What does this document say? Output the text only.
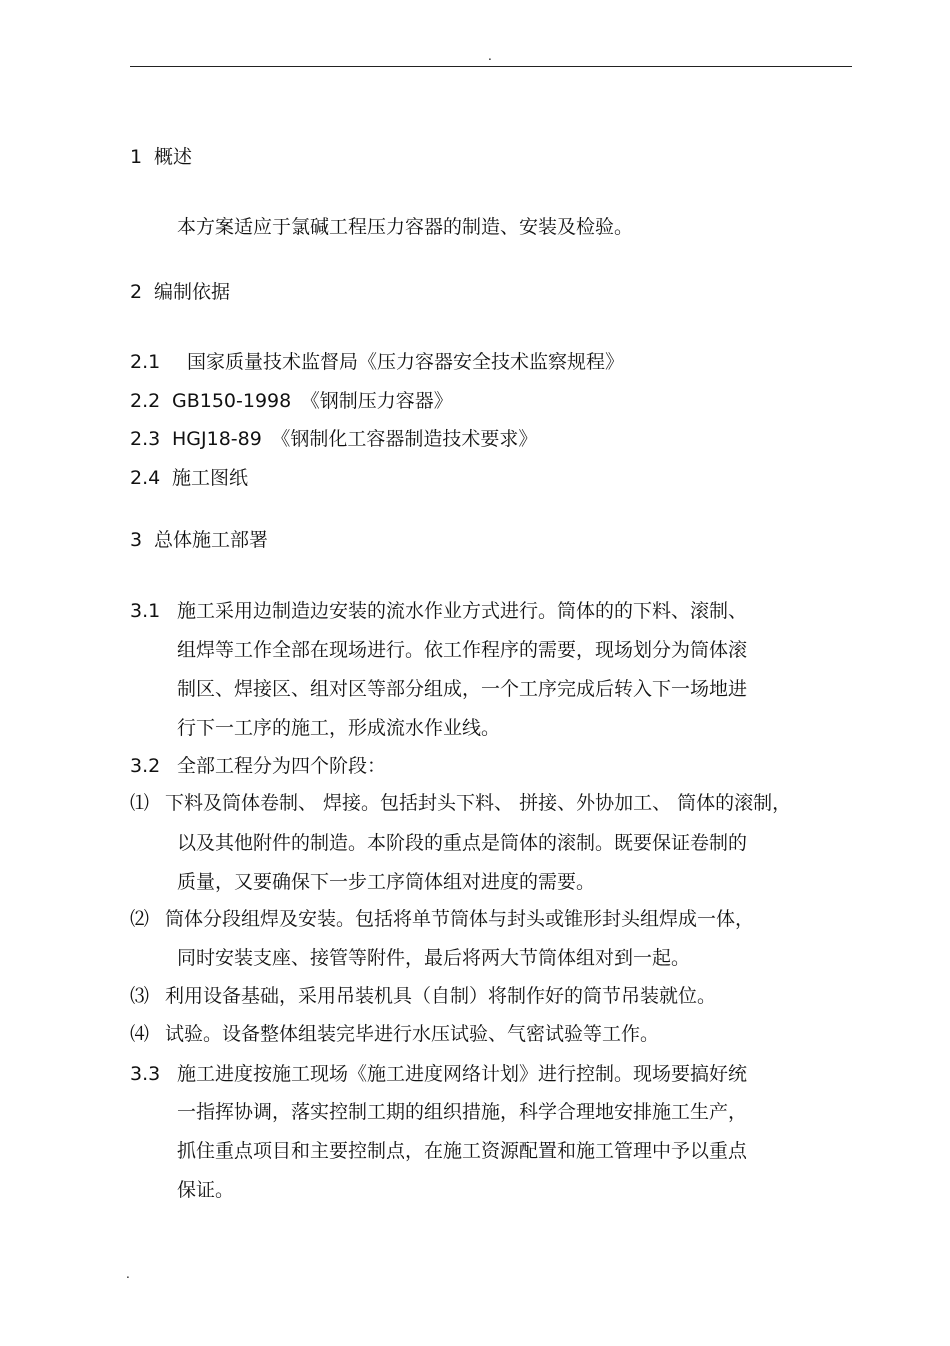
.
1 概述
本方案适应于氯碱工程压力容器的制造、安装及检验。
2 编制依据
2.1 国家质量技术监督局《压力容器安全技术监察规程》
2.2 GB150-1998　《钢制压力容器》
2.3 HGJ18-89　《钢制化工容器制造技术要求》
2.4 施工图纸
3 总体施工部署
3.1 施工采用边制造边安装的流水作业方式进行。筒体的的下料、滚制、
组焊等工作全部在现场进行。依工作程序的需要，现场划分为筒体滚
制区、焊接区、组对区等部分组成，一个工序完成后转入下一场地进
行下一工序的施工，形成流水作业线。
3.2 全部工程分为四个阶段：
⑴ 下料及筒体卷制、 焊接。包括封头下料、 拼接、外协加工、 筒体的滚制，
以及其他附件的制造。本阶段的重点是筒体的滚制。既要保证卷制的
质量，又要确保下一步工序筒体组对进度的需要。
⑵ 筒体分段组焊及安装。包括将单节筒体与封头或锥形封头组焊成一体，
同时安装支座、接管等附件，最后将两大节筒体组对到一起。
⑶ 利用设备基础，采用吊装机具（自制）将制作好的筒节吊装就位。
⑷ 试验。设备整体组装完毕进行水压试验、气密试验等工作。
3.3 施工进度按施工现场《施工进度网络计划》进行控制。现场要搞好统
一指挥协调，落实控制工期的组织措施，科学合理地安排施工生产，
抓住重点项目和主要控制点，在施工资源配置和施工管理中予以重点
保证。
.
